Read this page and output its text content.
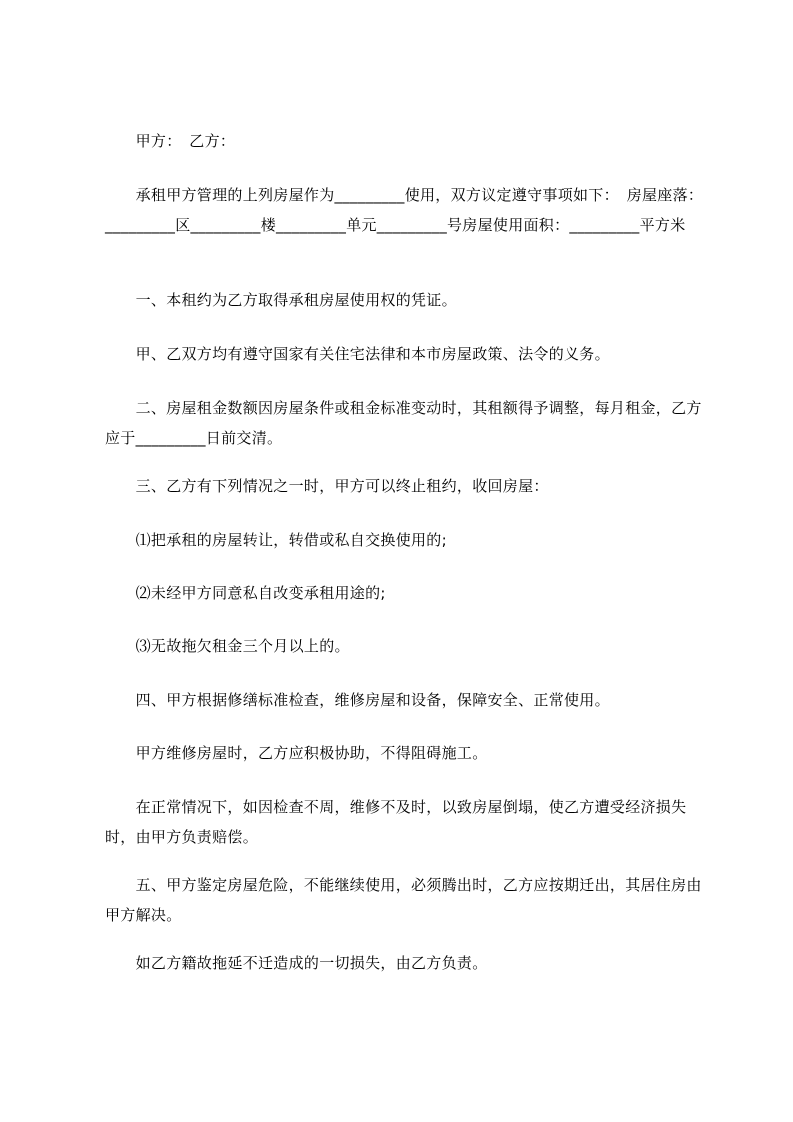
　　甲方：　乙方：

　　承租甲方管理的上列房屋作为_________使用，双方议定遵守事项如下：　房屋座落：_________区_________楼_________单元_________号房屋使用面积：_________平方米

　　一、本租约为乙方取得承租房屋使用权的凭证。

　　甲、乙双方均有遵守国家有关住宅法律和本市房屋政策、法令的义务。

　　二、房屋租金数额因房屋条件或租金标准变动时，其租额得予调整，每月租金，乙方应于_________日前交清。

　　三、乙方有下列情况之一时，甲方可以终止租约，收回房屋：

　　⑴把承租的房屋转让，转借或私自交换使用的;

　　⑵未经甲方同意私自改变承租用途的;

　　⑶无故拖欠租金三个月以上的。

　　四、甲方根据修缮标准检查，维修房屋和设备，保障安全、正常使用。

　　甲方维修房屋时，乙方应积极协助，不得阻碍施工。

　　在正常情况下，如因检查不周，维修不及时，以致房屋倒塌，使乙方遭受经济损失时，由甲方负责赔偿。

　　五、甲方鉴定房屋危险，不能继续使用，必须腾出时，乙方应按期迁出，其居住房由甲方解决。

　　如乙方籍故拖延不迁造成的一切损失，由乙方负责。
